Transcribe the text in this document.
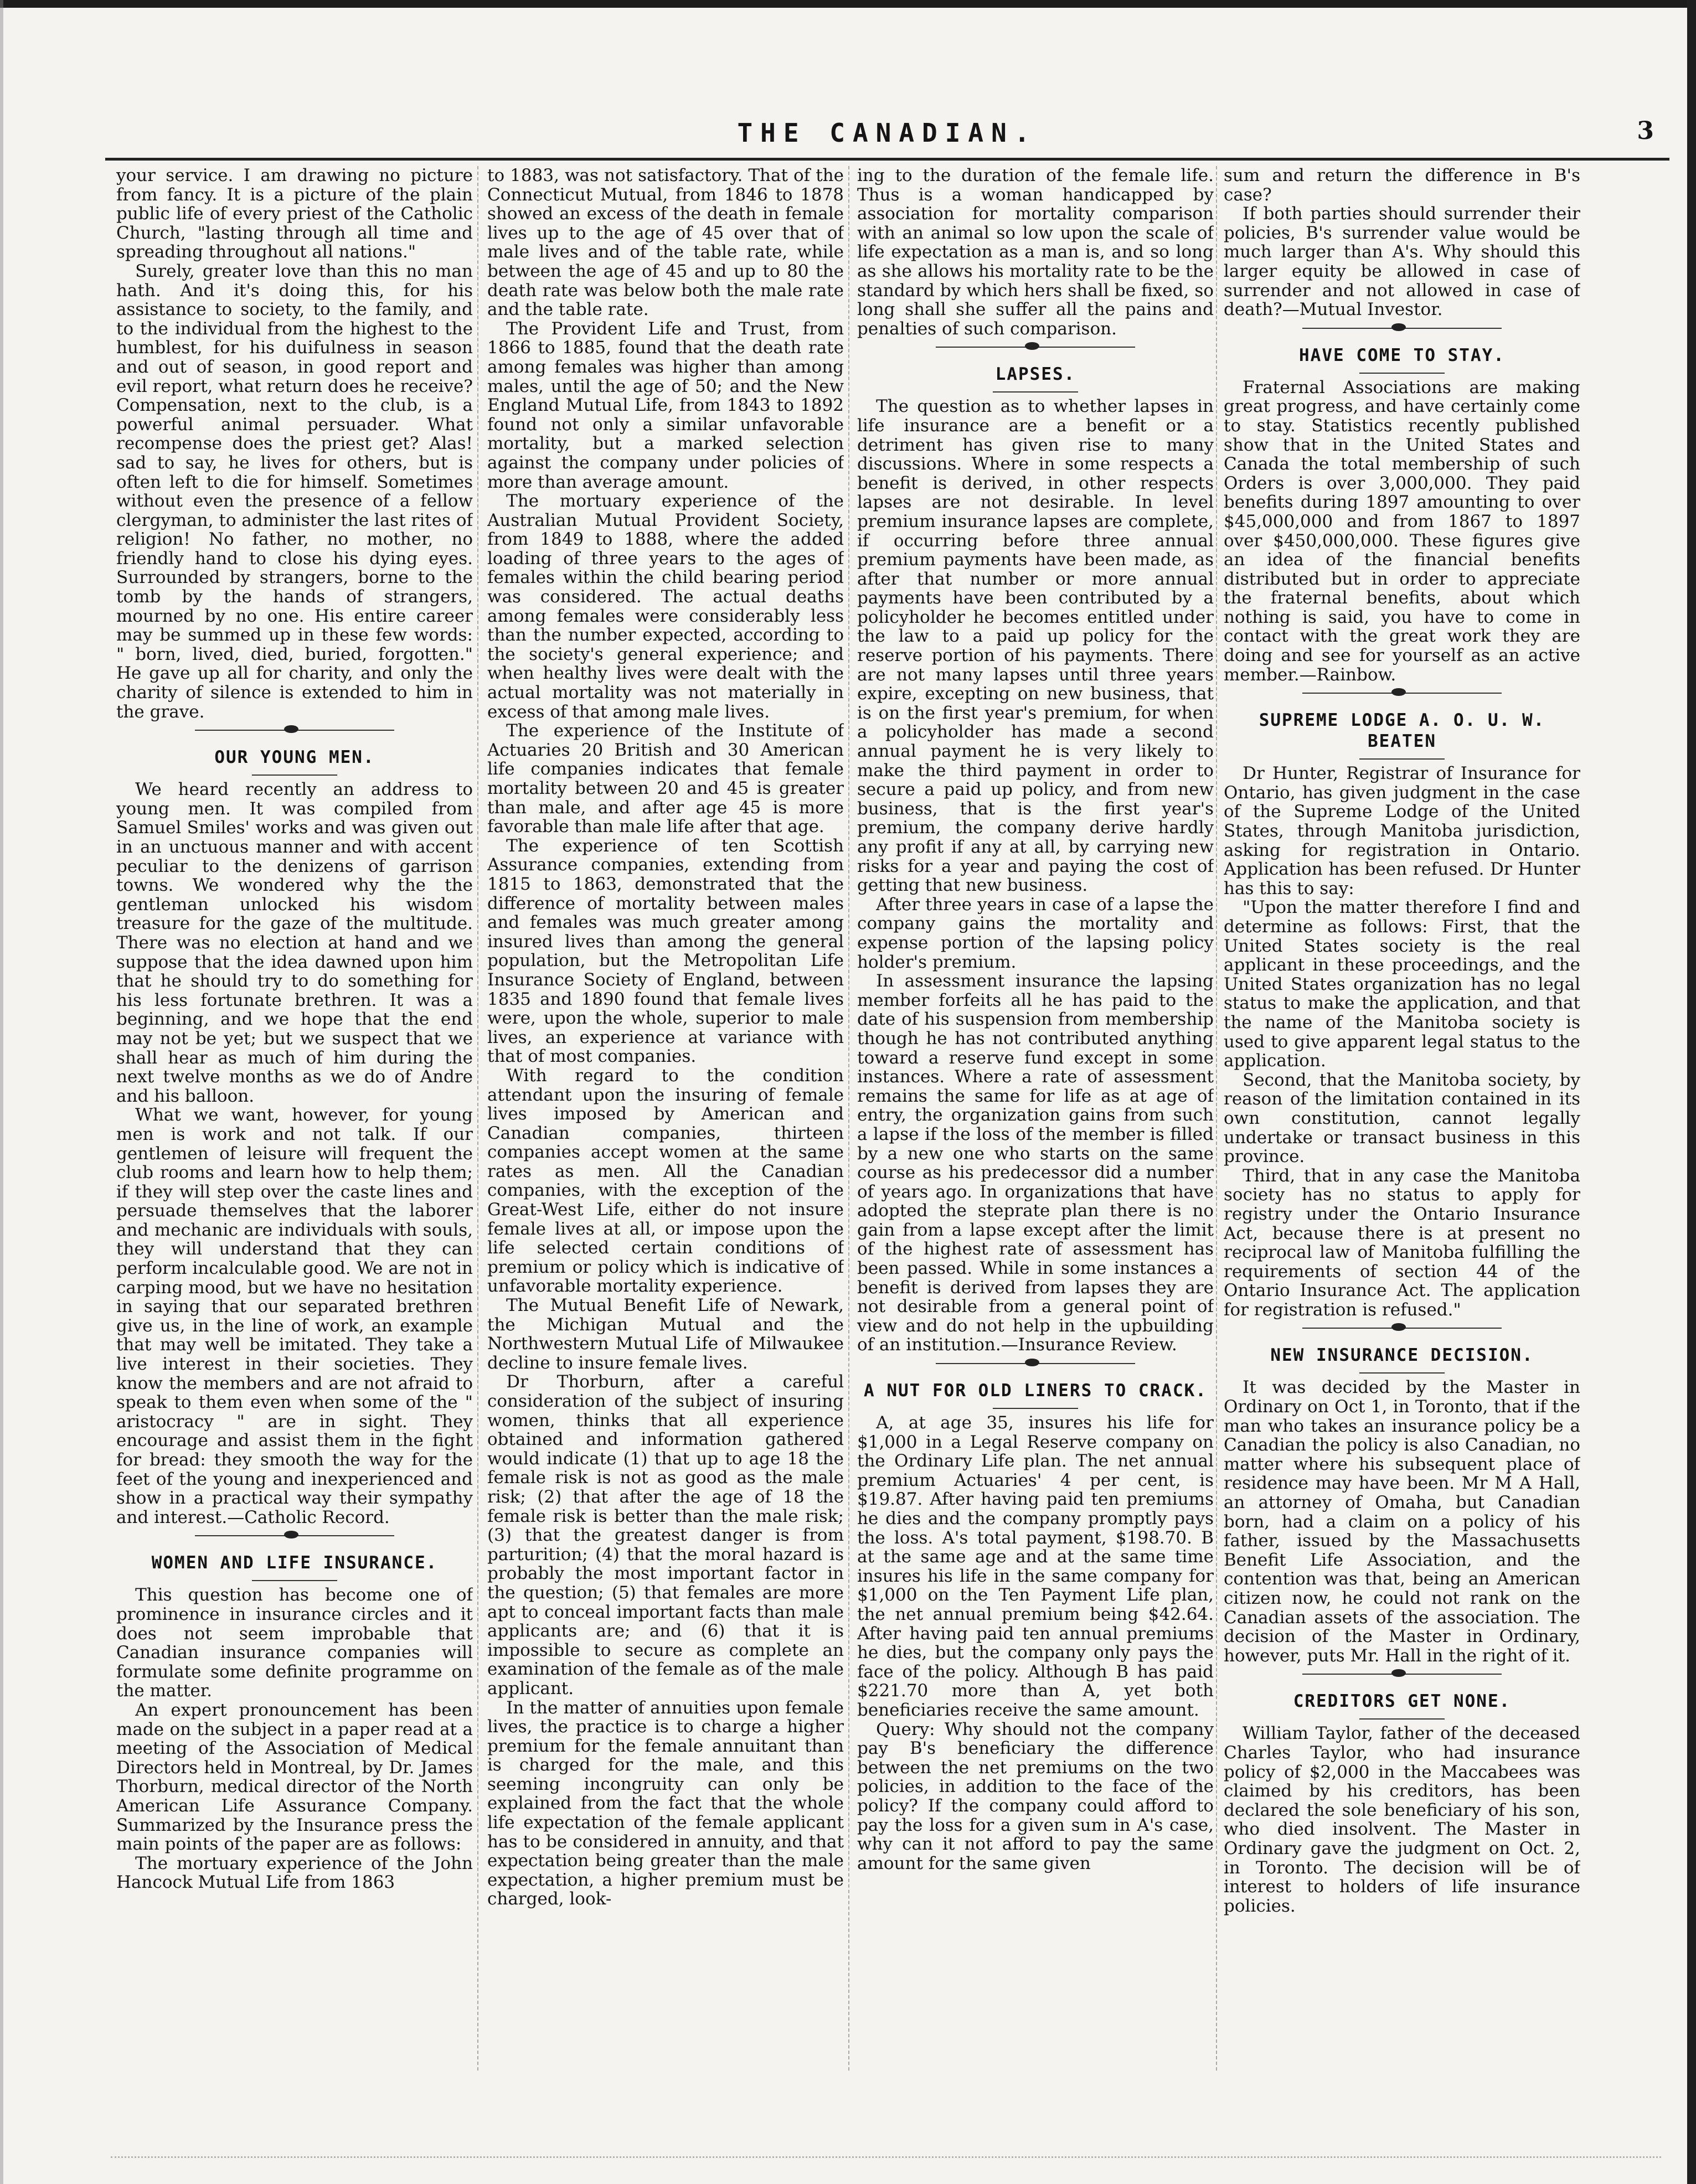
THE CANADIAN.	3

your service. I am drawing no picture from fancy. It is a picture of the plain public life of every priest of the Catholic Church, "lasting through all time and spreading throughout all nations."

Surely, greater love than this no man hath. And it's doing this, for his assistance to society, to the family, and to the individual from the highest to the humblest, for his duifulness in season and out of season, in good report and evil report, what return does he receive? Compensation, next to the club, is a powerful animal persuader. What recompense does the priest get? Alas! sad to say, he lives for others, but is often left to die for himself. Sometimes without even the presence of a fellow clergyman, to administer the last rites of religion! No father, no mother, no friendly hand to close his dying eyes. Surrounded by strangers, borne to the tomb by the hands of strangers, mourned by no one. His entire career may be summed up in these few words: " born, lived, died, buried, forgotten." He gave up all for charity, and only the charity of silence is extended to him in the grave.

OUR YOUNG MEN.

We heard recently an address to young men. It was compiled from Samuel Smiles' works and was given out in an unctuous manner and with accent peculiar to the denizens of garrison towns. We wondered why the the gentleman unlocked his wisdom treasure for the gaze of the multitude. There was no election at hand and we suppose that the idea dawned upon him that he should try to do something for his less fortunate brethren. It was a beginning, and we hope that the end may not be yet; but we suspect that we shall hear as much of him during the next twelve months as we do of Andre and his balloon.

What we want, however, for young men is work and not talk. If our gentlemen of leisure will frequent the club rooms and learn how to help them; if they will step over the caste lines and persuade themselves that the laborer and mechanic are individuals with souls, they will understand that they can perform incalculable good. We are not in carping mood, but we have no hesitation in saying that our separated brethren give us, in the line of work, an example that may well be imitated. They take a live interest in their societies. They know the members and are not afraid to speak to them even when some of the " aristocracy " are in sight. They encourage and assist them in the fight for bread: they smooth the way for the feet of the young and inexperienced and show in a practical way their sympathy and interest.—Catholic Record.

WOMEN AND LIFE INSURANCE.

This question has become one of prominence in insurance circles and it does not seem improbable that Canadian insurance companies will formulate some definite programme on the matter.

An expert pronouncement has been made on the subject in a paper read at a meeting of the Association of Medical Directors held in Montreal, by Dr. James Thorburn, medical director of the North American Life Assurance Company. Summarized by the Insurance press the main points of the paper are as follows:

The mortuary experience of the John Hancock Mutual Life from 1863

to 1883, was not satisfactory. That of the Connecticut Mutual, from 1846 to 1878 showed an excess of the death in female lives up to the age of 45 over that of male lives and of the table rate, while between the age of 45 and up to 80 the death rate was below both the male rate and the table rate.

The Provident Life and Trust, from 1866 to 1885, found that the death rate among females was higher than among males, until the age of 50; and the New England Mutual Life, from 1843 to 1892 found not only a similar unfavorable mortality, but a marked selection against the company under policies of more than average amount.

The mortuary experience of the Australian Mutual Provident Society, from 1849 to 1888, where the added loading of three years to the ages of females within the child bearing period was considered. The actual deaths among females were considerably less than the number expected, according to the society's general experience; and when healthy lives were dealt with the actual mortality was not materially in excess of that among male lives.

The experience of the Institute of Actuaries 20 British and 30 American life companies indicates that female mortality between 20 and 45 is greater than male, and after age 45 is more favorable than male life after that age.

The experience of ten Scottish Assurance companies, extending from 1815 to 1863, demonstrated that the difference of mortality between males and females was much greater among insured lives than among the general population, but the Metropolitan Life Insurance Society of England, between 1835 and 1890 found that female lives were, upon the whole, superior to male lives, an experience at variance with that of most companies.

With regard to the condition attendant upon the insuring of female lives imposed by American and Canadian companies, thirteen companies accept women at the same rates as men. All the Canadian companies, with the exception of the Great-West Life, either do not insure female lives at all, or impose upon the life selected certain conditions of premium or policy which is indicative of unfavorable mortality experience.

The Mutual Benefit Life of Newark, the Michigan Mutual and the Northwestern Mutual Life of Milwaukee decline to insure female lives.

Dr Thorburn, after a careful consideration of the subject of insuring women, thinks that all experience obtained and information gathered would indicate (1) that up to age 18 the female risk is not as good as the male risk; (2) that after the age of 18 the female risk is better than the male risk; (3) that the greatest danger is from parturition; (4) that the moral hazard is probably the most important factor in the question; (5) that females are more apt to conceal important facts than male applicants are; and (6) that it is impossible to secure as complete an examination of the female as of the male applicant.

In the matter of annuities upon female lives, the practice is to charge a higher premium for the female annuitant than is charged for the male, and this seeming incongruity can only be explained from the fact that the whole life expectation of the female applicant has to be considered in annuity, and that expectation being greater than the male expectation, a higher premium must be charged, look-

ing to the duration of the female life. Thus is a woman handicapped by association for mortality comparison with an animal so low upon the scale of life expectation as a man is, and so long as she allows his mortality rate to be the standard by which hers shall be fixed, so long shall she suffer all the pains and penalties of such comparison.

LAPSES.

The question as to whether lapses in life insurance are a benefit or a detriment has given rise to many discussions. Where in some respects a benefit is derived, in other respects lapses are not desirable. In level premium insurance lapses are complete, if occurring before three annual premium payments have been made, as after that number or more annual payments have been contributed by a policyholder he becomes entitled under the law to a paid up policy for the reserve portion of his payments. There are not many lapses until three years expire, excepting on new business, that is on the first year's premium, for when a policyholder has made a second annual payment he is very likely to make the third payment in order to secure a paid up policy, and from new business, that is the first year's premium, the company derive hardly any profit if any at all, by carrying new risks for a year and paying the cost of getting that new business.

After three years in case of a lapse the company gains the mortality and expense portion of the lapsing policy holder's premium.

In assessment insurance the lapsing member forfeits all he has paid to the date of his suspension from membership though he has not contributed anything toward a reserve fund except in some instances. Where a rate of assessment remains the same for life as at age of entry, the organization gains from such a lapse if the loss of the member is filled by a new one who starts on the same course as his predecessor did a number of years ago. In organizations that have adopted the steprate plan there is no gain from a lapse except after the limit of the highest rate of assessment has been passed. While in some instances a benefit is derived from lapses they are not desirable from a general point of view and do not help in the upbuilding of an institution.—Insurance Review.

A NUT FOR OLD LINERS TO CRACK.

A, at age 35, insures his life for $1,000 in a Legal Reserve company on the Ordinary Life plan. The net annual premium Actuaries' 4 per cent, is $19.87. After having paid ten premiums he dies and the company promptly pays the loss. A's total payment, $198.70. B at the same age and at the same time insures his life in the same company for $1,000 on the Ten Payment Life plan, the net annual premium being $42.64. After having paid ten annual premiums he dies, but the company only pays the face of the policy. Although B has paid $221.70 more than A, yet both beneficiaries receive the same amount.

Query: Why should not the company pay B's beneficiary the difference between the net premiums on the two policies, in addition to the face of the policy? If the company could afford to pay the loss for a given sum in A's case, why can it not afford to pay the same amount for the same given

sum and return the difference in B's case?

If both parties should surrender their policies, B's surrender value would be much larger than A's. Why should this larger equity be allowed in case of surrender and not allowed in case of death?—Mutual Investor.

HAVE COME TO STAY.

Fraternal Associations are making great progress, and have certainly come to stay. Statistics recently published show that in the United States and Canada the total membership of such Orders is over 3,000,000. They paid benefits during 1897 amounting to over $45,000,000 and from 1867 to 1897 over $450,000,000. These figures give an idea of the financial benefits distributed but in order to appreciate the fraternal benefits, about which nothing is said, you have to come in contact with the great work they are doing and see for yourself as an active member.—Rainbow.

SUPREME LODGE A. O. U. W. BEATEN

Dr Hunter, Registrar of Insurance for Ontario, has given judgment in the case of the Supreme Lodge of the United States, through Manitoba jurisdiction, asking for registration in Ontario. Application has been refused. Dr Hunter has this to say:

"Upon the matter therefore I find and determine as follows: First, that the United States society is the real applicant in these proceedings, and the United States organization has no legal status to make the application, and that the name of the Manitoba society is used to give apparent legal status to the application.

Second, that the Manitoba society, by reason of the limitation contained in its own constitution, cannot legally undertake or transact business in this province.

Third, that in any case the Manitoba society has no status to apply for registry under the Ontario Insurance Act, because there is at present no reciprocal law of Manitoba fulfilling the requirements of section 44 of the Ontario Insurance Act. The application for registration is refused."

NEW INSURANCE DECISION.

It was decided by the Master in Ordinary on Oct 1, in Toronto, that if the man who takes an insurance policy be a Canadian the policy is also Canadian, no matter where his subsequent place of residence may have been. Mr M A Hall, an attorney of Omaha, but Canadian born, had a claim on a policy of his father, issued by the Massachusetts Benefit Life Association, and the contention was that, being an American citizen now, he could not rank on the Canadian assets of the association. The decision of the Master in Ordinary, however, puts Mr. Hall in the right of it.

CREDITORS GET NONE.

William Taylor, father of the deceased Charles Taylor, who had insurance policy of $2,000 in the Maccabees was claimed by his creditors, has been declared the sole beneficiary of his son, who died insolvent. The Master in Ordinary gave the judgment on Oct. 2, in Toronto. The decision will be of interest to holders of life insurance policies.
